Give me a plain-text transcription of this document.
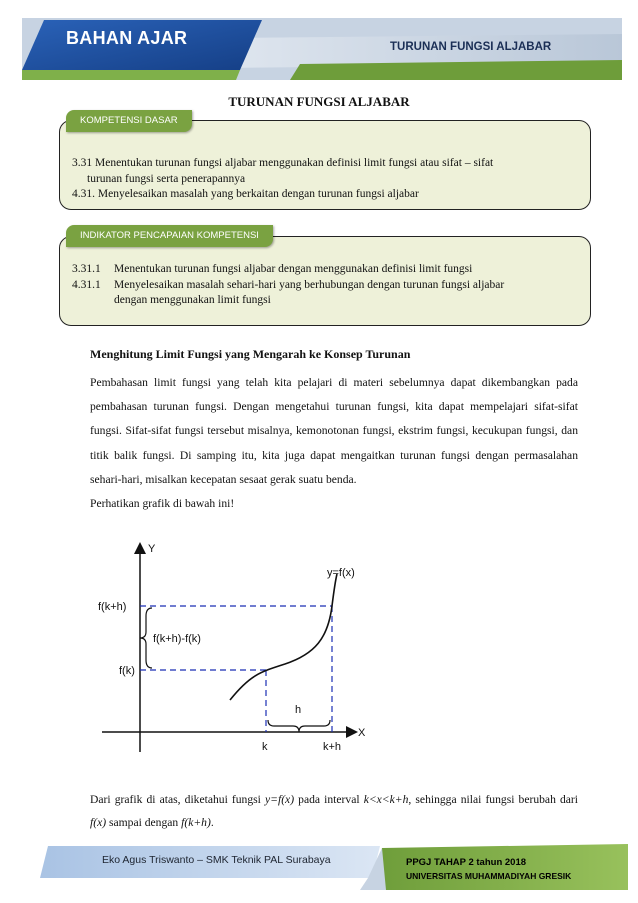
BAHAN AJAR	TURUNAN FUNGSI ALJABAR
TURUNAN FUNGSI ALJABAR
3.31 Menentukan turunan fungsi aljabar menggunakan definisi limit fungsi atau sifat – sifat
turunan fungsi serta penerapannya
4.31. Menyelesaikan masalah yang berkaitan dengan turunan fungsi aljabar
KOMPETENSI DASAR
3.31.1 Menentukan turunan fungsi aljabar dengan menggunakan definisi limit fungsi
4.31.1 Menyelesaikan masalah sehari-hari yang berhubungan dengan turunan fungsi aljabar
dengan menggunakan limit fungsi
INDIKATOR PENCAPAIAN KOMPETENSI
Menghitung Limit Fungsi yang Mengarah ke Konsep Turunan
Pembahasan limit fungsi yang telah kita pelajari di materi sebelumnya dapat dikembangkan pada pembahasan turunan fungsi. Dengan mengetahui turunan fungsi, kita dapat mempelajari sifat-sifat fungsi. Sifat-sifat fungsi tersebut misalnya, kemonotonan fungsi, ekstrim fungsi, kecukupan fungsi, dan titik balik fungsi. Di samping itu, kita juga dapat mengaitkan turunan fungsi dengan permasalahan sehari-hari, misalkan kecepatan sesaat gerak suatu benda.
Perhatikan grafik di bawah ini!
Y
X
y=f(x)
f(k+h)
f(k)
f(k+h)-f(k)
h
k	k+h
Dari grafik di atas, diketahui fungsi y=f(x) pada interval k<x<k+h, sehingga nilai fungsi berubah dari f(x) sampai dengan f(k+h).
Eko Agus Triswanto – SMK Teknik PAL Surabaya	PPGJ TAHAP 2 tahun 2018
UNIVERSITAS MUHAMMADIYAH GRESIK
